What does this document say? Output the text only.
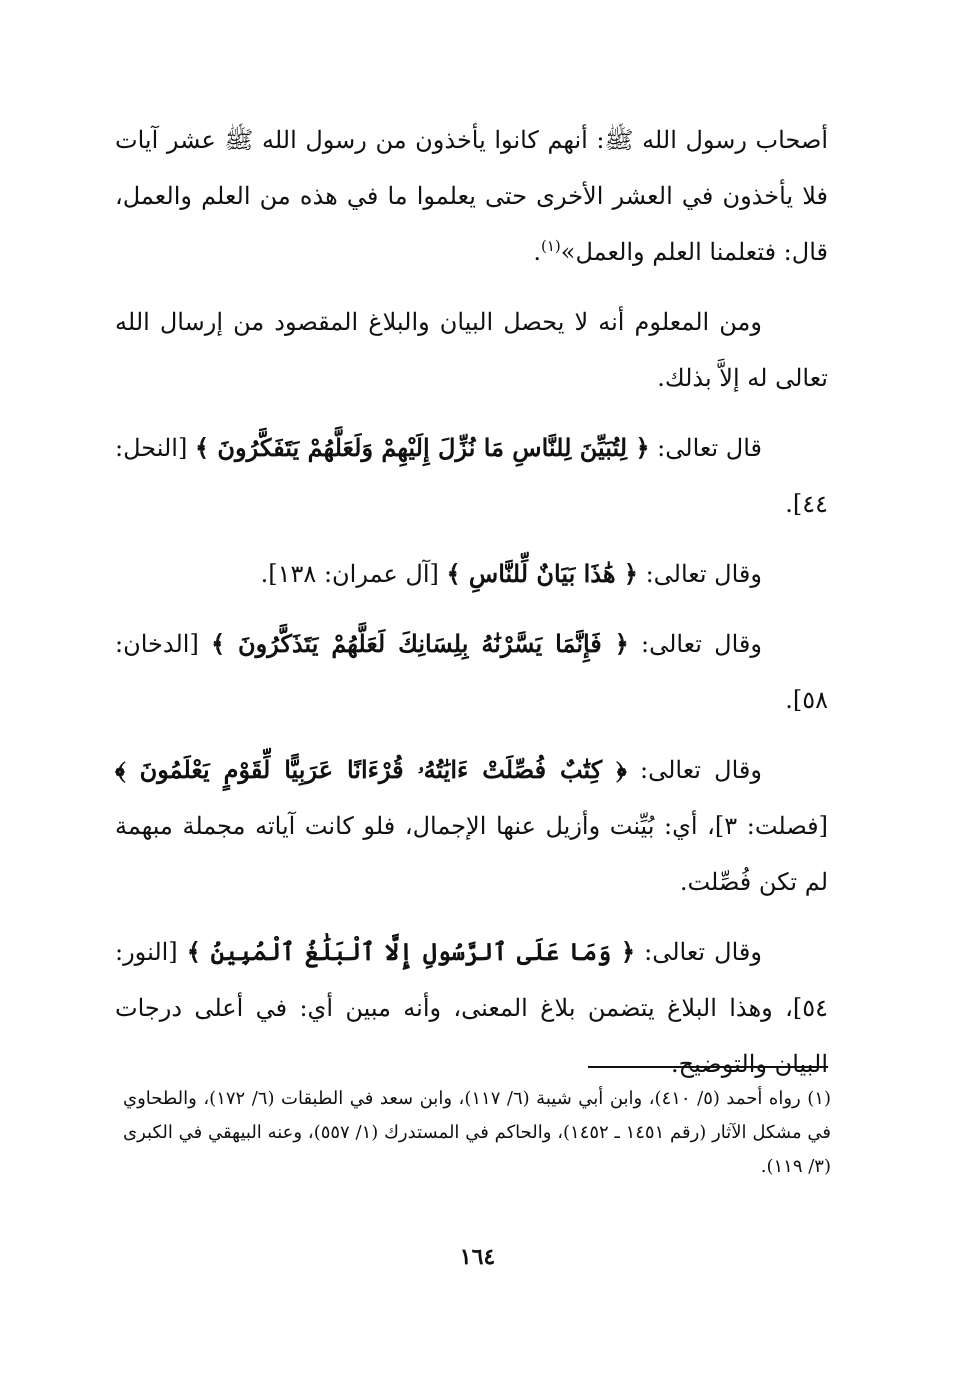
أصحاب رسول الله ﷺ: أنهم كانوا يأخذون من رسول الله ﷺ عشر آيات فلا يأخذون في العشر الأخرى حتى يعلموا ما في هذه من العلم والعمل، قال: فتعلمنا العلم والعمل»$^{(١)}$.

ومن المعلوم أنه لا يحصل البيان والبلاغ المقصود من إرسال الله تعالى له إلاَّ بذلك.

قال تعالى: ﴿ لِتُبَيِّنَ لِلنَّاسِ مَا نُزِّلَ إِلَيْهِمْ وَلَعَلَّهُمْ يَتَفَكَّرُونَ ﴾ [النحل: ٤٤].

وقال تعالى: ﴿ هَٰذَا بَيَانٌ لِّلنَّاسِ ﴾ [آل عمران: ١٣٨].

وقال تعالى: ﴿ فَإِنَّمَا يَسَّرْنَٰهُ بِلِسَانِكَ لَعَلَّهُمْ يَتَذَكَّرُونَ ﴾ [الدخان: ٥٨].

وقال تعالى: ﴿ كِتَٰبٌ فُصِّلَتْ ءَايَٰتُهُۥ قُرْءَانًا عَرَبِيًّا لِّقَوْمٍ يَعْلَمُونَ ﴾ [فصلت: ٣]، أي: بُيِّنت وأزيل عنها الإجمال، فلو كانت آياته مجملة مبهمة لم تكن فُصِّلت.

وقال تعالى: ﴿ وَمَا عَلَى ٱلرَّسُولِ إِلَّا ٱلْبَلَٰغُ ٱلْمُبِينُ ﴾ [النور: ٥٤]، وهذا البلاغ يتضمن بلاغ المعنى، وأنه مبين أي: في أعلى درجات البيان والتوضيح.

(١) رواه أحمد (٥/ ٤١٠)، وابن أبي شيبة (٦/ ١١٧)، وابن سعد في الطبقات (٦/ ١٧٢)، والطحاوي في مشكل الآثار (رقم ١٤٥١ ـ ١٤٥٢)، والحاكم في المستدرك (١/ ٥٥٧)، وعنه البيهقي في الكبرى (٣/ ١١٩).

١٦٤
